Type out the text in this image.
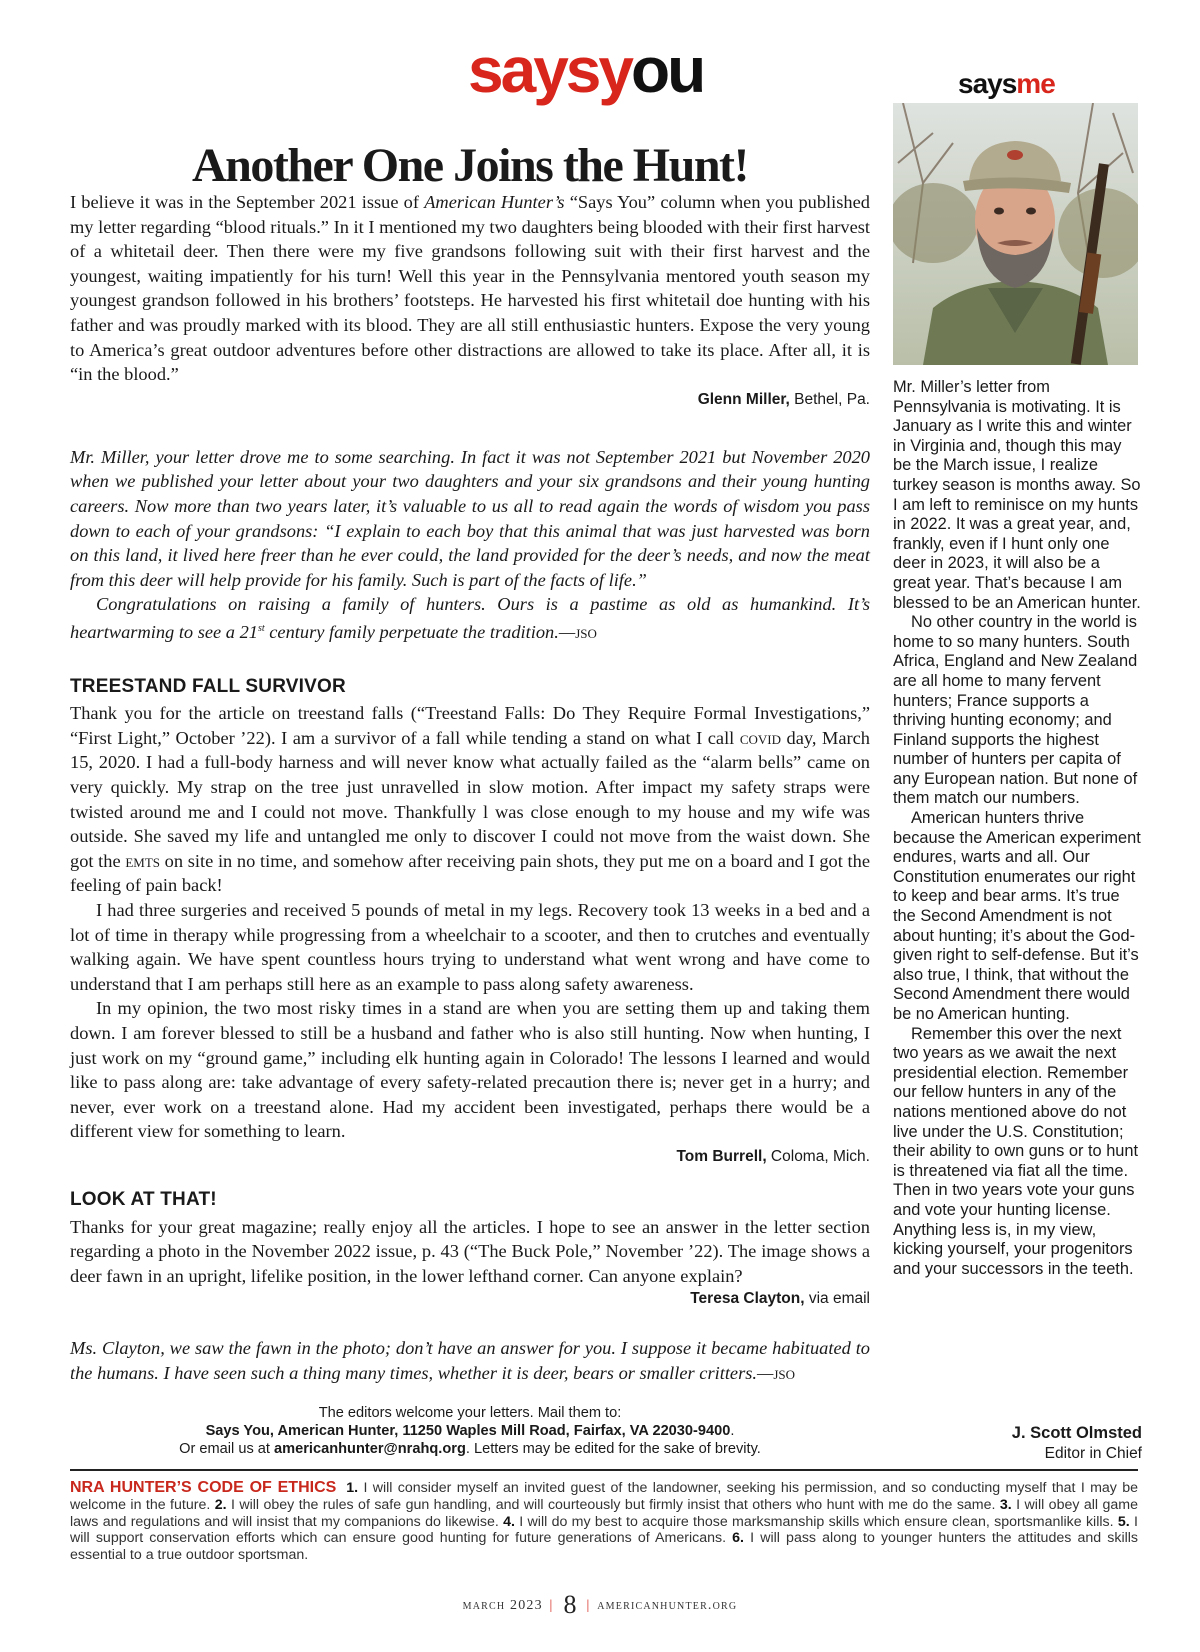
saysyou	saysme
Another One Joins the Hunt!

I believe it was in the September 2021 issue of American Hunter’s “Says You” column when you published my letter regarding “blood rituals.” In it I mentioned my two daughters being blooded with their first harvest of a whitetail deer. Then there were my five grandsons following suit with their first harvest and the youngest, waiting impatiently for his turn! Well this year in the Pennsylvania mentored youth season my youngest grandson followed in his brothers’ footsteps. He harvested his first whitetail doe hunting with his father and was proudly marked with its blood. They are all still enthusiastic hunters. Expose the very young to America’s great outdoor adventures before other distractions are allowed to take its place. After all, it is “in the blood.”

Glenn Miller, Bethel, Pa.

Mr. Miller, your letter drove me to some searching. In fact it was not September 2021 but November 2020 when we published your letter about your two daughters and your six grandsons and their young hunting careers. Now more than two years later, it’s valuable to us all to read again the words of wisdom you pass down to each of your grandsons: “I explain to each boy that this animal that was just harvested was born on this land, it lived here freer than he ever could, the land provided for the deer’s needs, and now the meat from this deer will help provide for his family. Such is part of the facts of life.”

Congratulations on raising a family of hunters. Ours is a pastime as old as humankind. It’s heartwarming to see a 21st century family perpetuate the tradition.—jso

TREESTAND FALL SURVIVOR

Thank you for the article on treestand falls (“Treestand Falls: Do They Require Formal Investigations,” “First Light,” October ’22). I am a survivor of a fall while tending a stand on what I call covid day, March 15, 2020. I had a full-body harness and will never know what actually failed as the “alarm bells” came on very quickly. My strap on the tree just unravelled in slow motion. After impact my safety straps were twisted around me and I could not move. Thankfully l was close enough to my house and my wife was outside. She saved my life and untangled me only to discover I could not move from the waist down. She got the emts on site in no time, and somehow after receiving pain shots, they put me on a board and I got the feeling of pain back!

I had three surgeries and received 5 pounds of metal in my legs. Recovery took 13 weeks in a bed and a lot of time in therapy while progressing from a wheelchair to a scooter, and then to crutches and eventually walking again. We have spent countless hours trying to understand what went wrong and have come to understand that I am perhaps still here as an example to pass along safety awareness.

In my opinion, the two most risky times in a stand are when you are setting them up and taking them down. I am forever blessed to still be a husband and father who is also still hunting. Now when hunting, I just work on my “ground game,” including elk hunting again in Colorado! The lessons I learned and would like to pass along are: take advantage of every safety-related precaution there is; never get in a hurry; and never, ever work on a treestand alone. Had my accident been investigated, perhaps there would be a different view for something to learn.

Tom Burrell, Coloma, Mich.
LOOK AT THAT!

Thanks for your great magazine; really enjoy all the articles. I hope to see an answer in the letter section regarding a photo in the November 2022 issue, p. 43 (“The Buck Pole,” November ’22). The image shows a deer fawn in an upright, lifelike position, in the lower lefthand corner. Can anyone explain?

Teresa Clayton, via email

Ms. Clayton, we saw the fawn in the photo; don’t have an answer for you. I suppose it became habituated to the humans. I have seen such a thing many times, whether it is deer, bears or smaller critters.—jso

Mr. Miller’s letter from Pennsylvania is motivating. It is January as I write this and winter in Virginia and, though this may be the March issue, I realize turkey season is months away. So I am left to reminisce on my hunts in 2022. It was a great year, and, frankly, even if I hunt only one deer in 2023, it will also be a great year. That’s because I am blessed to be an American hunter.

No other country in the world is home to so many hunters. South Africa, England and New Zealand are all home to many fervent hunters; France supports a thriving hunting economy; and Finland supports the highest number of hunters per capita of any European nation. But none of them match our numbers.

American hunters thrive because the American experiment endures, warts and all. Our Constitution enumerates our right to keep and bear arms. It’s true the Second Amendment is not about hunting; it’s about the God-given right to self-defense. But it’s also true, I think, that without the Second Amendment there would be no American hunting.

Remember this over the next two years as we await the next presidential election. Remember our fellow hunters in any of the nations mentioned above do not live under the U.S. Constitution; their ability to own guns or to hunt is threatened via fiat all the time. Then in two years vote your guns and vote your hunting license. Anything less is, in my view, kicking yourself, your progenitors and your successors in the teeth.

J. Scott Olmsted
Editor in Chief
The editors welcome your letters. Mail them to:
Says You, American Hunter, 11250 Waples Mill Road, Fairfax, VA 22030-9400.
Or email us at americanhunter@nrahq.org. Letters may be edited for the sake of brevity.
NRA HUNTER’S CODE OF ETHICS 1. I will consider myself an invited guest of the landowner, seeking his permission, and so conducting myself that I may be welcome in the future. 2. I will obey the rules of safe gun handling, and will courteously but firmly insist that others who hunt with me do the same. 3. I will obey all game laws and regulations and will insist that my companions do likewise. 4. I will do my best to acquire those marksmanship skills which ensure clean, sportsmanlike kills. 5. I will support conservation efforts which can ensure good hunting for future generations of Americans. 6. I will pass along to younger hunters the attitudes and skills essential to a true outdoor sportsman.
march 2023 | 8 | americanhunter.org
